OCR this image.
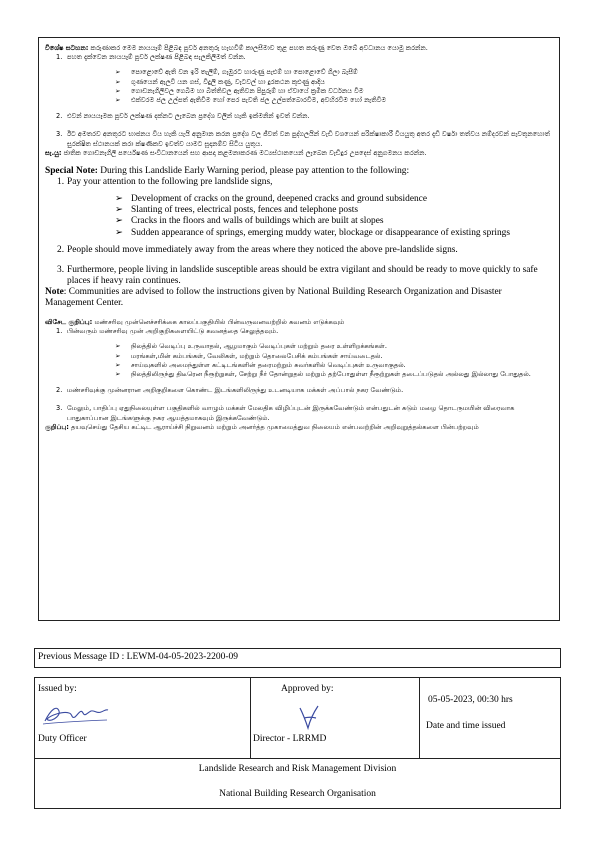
විශේෂ සටහන: කරුණාකර මෙම නායයෑම් පිළිබඳ පූර්ව අනතුරු හැඟවීම් කාලසීමාව තුළ පහත කරුණු වෙත ඔබේ අවධානය යොමු කරන්න.

1. පහත දැක්වෙන නායයෑම් පූර්ව ලක්ෂණ පිළිබඳ සැලකිලිමත් වන්න.
➢ පොළොවේ ඇති වන ඉරි තැලීම්, ගැඹුරට හාරුණු පැළුම් හා පොළොවේ ගිලා බැසීම්
➢ ගුණයෙන් ඇලවී යන ගස්, විදුලි කණු, වැටවල් හා දුරකථන කුළුණු ආදිය
➢ ගොඩනැගිලිවල ගෙබිම හා බිත්තිවල ඇතිවන පිපුරුම් හා ඒවායේ ක්‍රමික වර්ධනය වීම
➢ එක්වරම ජල උල්පත් ඇතිවීම හෝ පෙර පැවති ජල උල්පත්බොරවීම, අවහිරවීම හෝ නැතිවීම
2. එවන් නායයෑමක පූර්ව ලක්ෂණ දක්නට ලැබෙන ප්‍රදේශ වලින් හැකි ඉක්මනින් ඉවත් වන්න.
3. ඊට අමතරව අනතුරට භාජනය විය හැකි යැයි අනුමාන කරන ප්‍රදේශ වල ජීවත් වන පුද්ගලයින් වැඩි වශයෙන් පරික්ෂාකාරී වියයුතු අතර දැඩි වර්ෂා තත්වය නම්දරවන් පැවතුනහොත් සුරක්ෂිත ස්ථානයක් කරා ක්ෂණිකව ඉවත්ව යාමට සූදානම්ව සිටිය යුතුය.

සැ.යු: ජාතික ගොඩනැගිලි පර්යේෂණ සංවිධානයෙන් සහ ආපදා කළමනාකරණ මධ්‍යස්ථානයෙන් ලැබෙන වැඩිදුර උපදෙස් අනුගමනය කරන්න.

Special Note: During this Landslide Early Warning period, please pay attention to the following:

1. Pay your attention to the following pre landslide signs,
➢ Development of cracks on the ground, deepened cracks and ground subsidence
➢ Slanting of trees, electrical posts, fences and telephone posts
➢ Cracks in the floors and walls of buildings which are built at slopes
➢ Sudden appearance of springs, emerging muddy water, blockage or disappearance of existing springs
2. People should move immediately away from the areas where they noticed the above pre-landslide signs.
3. Furthermore, people living in landslide susceptible areas should be extra vigilant and should be ready to move quickly to safe places if heavy rain continues.

Note: Communities are advised to follow the instructions given by National Building Research Organization and Disaster Management Center.

விசேட குறிப்பு: மண்சரிவு முன்னெச்சரிக்கை காலப்பகுதியில் பின்வருவனவற்றில் கவனம் எடுக்கவும்

1. பின்வரும் மண்சரிவு முன் அறிகுறிகளையிட்டு கவனத்தை செலுத்தவும்.
➢ நிலத்தில் வெடிப்பு உருவாதல், ஆழமாகும் வெடிப்புகள் மற்றும் தரை உள்ளிறக்கங்கள்.
➢ மரங்கள்,மின் கம்பங்கள், வேலிகள், மற்றும் தொலைபேசிக் கம்பங்கள் சாய்வடைதல்.
➢ சாய்வுகளில் அமைந்துள்ள கட்டிடங்களின் தரைமற்றும் சுவர்களில் வெடிப்புகள் உருவாகுதல்.
➢ நிலத்திலிருந்து திடீரென நீரூற்றுகள், சேற்று நீர் தோன்றுதல் மற்றும் தற்போதுள்ள நீரூற்றுகள் தடைப்படுதல் அல்லது இல்லாது போதுதல்.
2. மண்சரிவுக்கு முன்னரான அறிகுறிகளை கொண்ட இடங்களிலிருந்து உடனடியாக மக்கள் அப்பால் நகர வேண்டும்.
3. மேலும், பாதிப்பு ஏதுநிலையுள்ள பகுதிகளில் வாழும் மக்கள் மேலதிக விழிப்புடன் இருக்கவேண்டும் என்பதுடன் கடும் மழை தொடருமயின் விரைவாக பாதுகாப்பான இடங்களுக்கு நகர ஆயத்தமாகவும் இருக்கவேண்டும்.

குறிப்பு: தயவுசெய்து தேசிய கட்டிட ஆராய்ச்சி நிறுவனம் மற்றும் அனர்த்த முகாமைத்துவ நிலையம் என்பவற்றின் அறிவுறுத்தல்களை பின்பற்றவும்

Previous Message ID : LEWM-04-05-2023-2200-09
Issued by:
Duty Officer
Approved by:
Director - LRRMD
05-05-2023, 00:30 hrs
Date and time issued
Landslide Research and Risk Management Division
National Building Research Organisation
